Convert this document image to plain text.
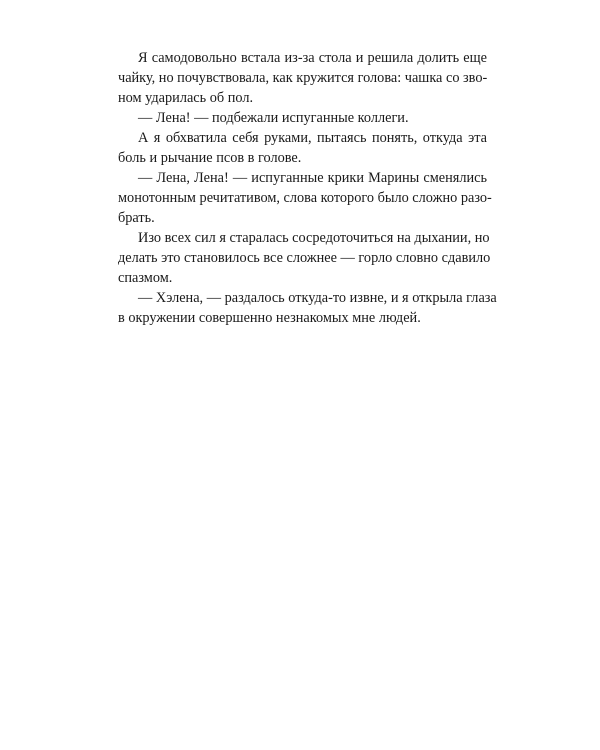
Я самодовольно встала из-за стола и решила долить еще
чайку, но почувствовала, как кружится голова: чашка со зво-
ном ударилась об пол.
— Лена! — подбежали испуганные коллеги.
А я обхватила себя руками, пытаясь понять, откуда эта
боль и рычание псов в голове.
— Лена, Лена! — испуганные крики Марины сменялись
монотонным речитативом, слова которого было сложно разо-
брать.
Изо всех сил я старалась сосредоточиться на дыхании, но
делать это становилось все сложнее — горло словно сдавило
спазмом.
— Хэлена, — раздалось откуда-то извне, и я открыла глаза
в окружении совершенно незнакомых мне людей.
